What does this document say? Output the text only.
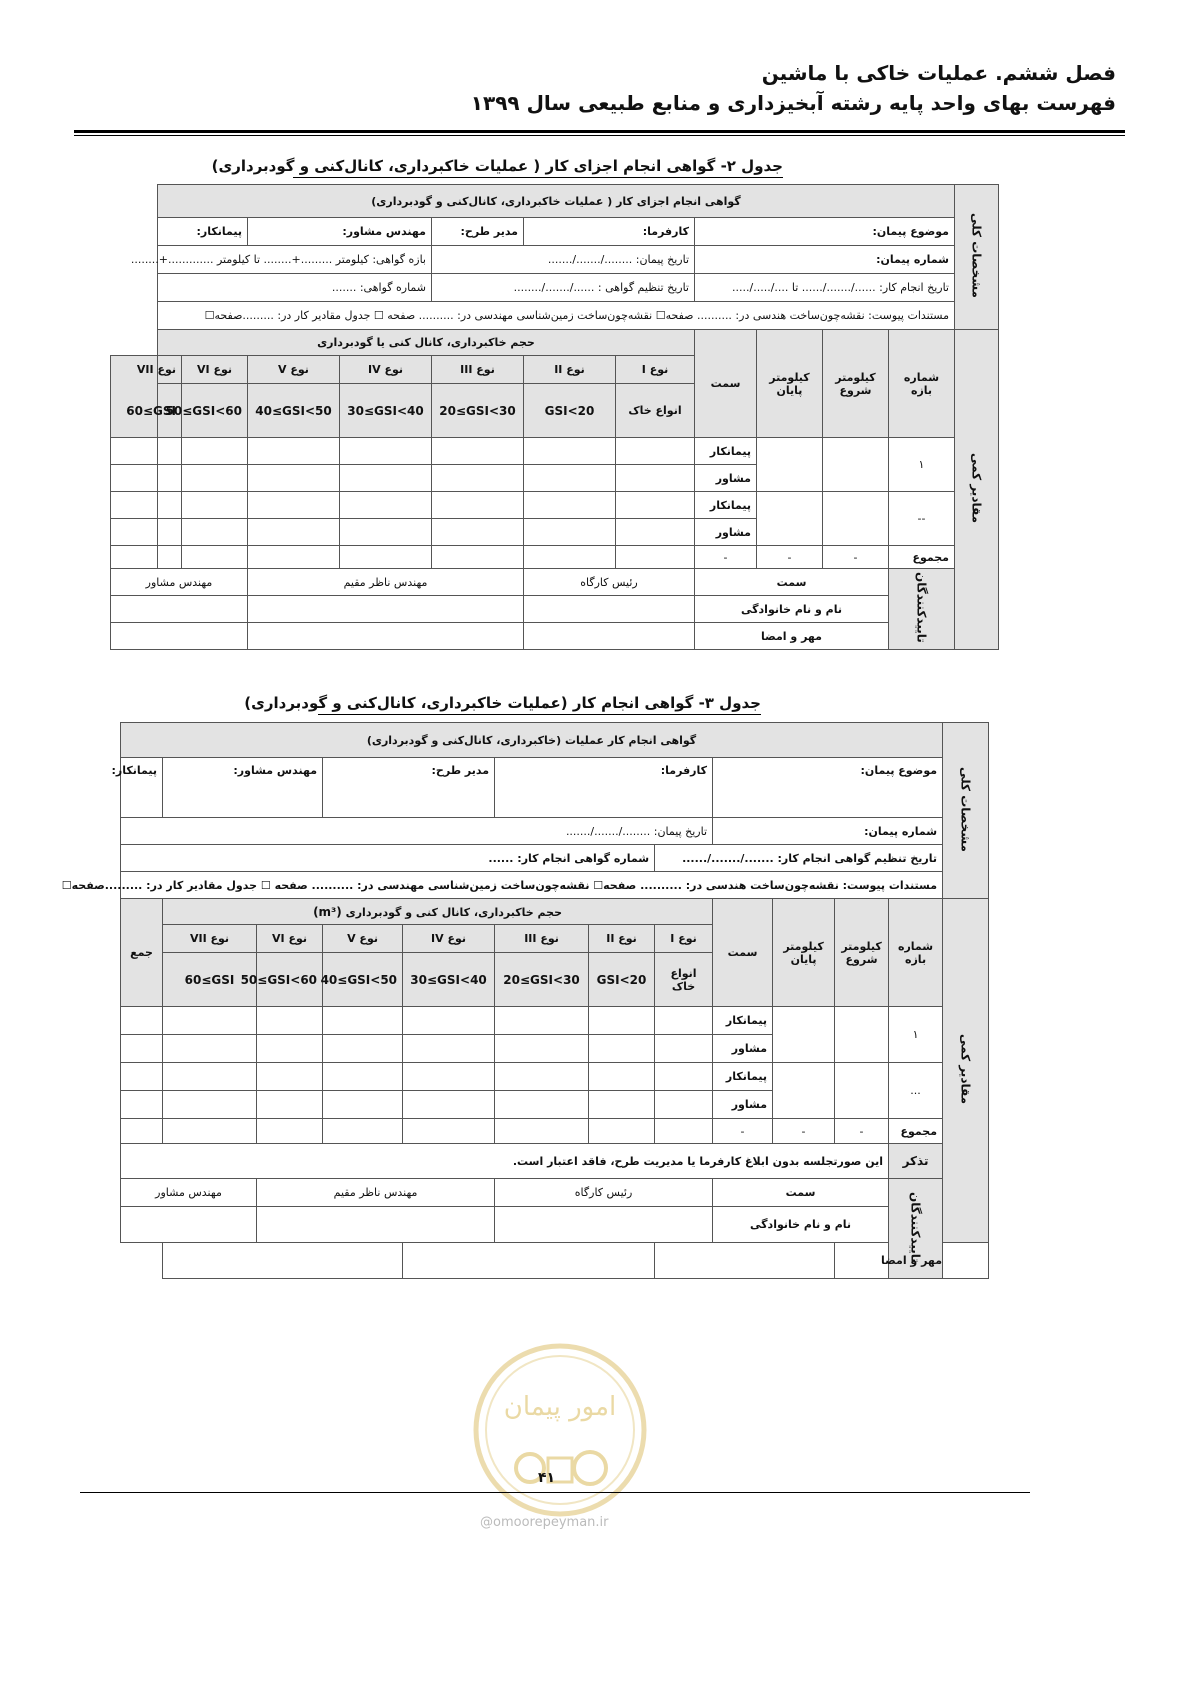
فصل ششم. عملیات خاکی با ماشین
فهرست بهای واحد پایه رشته آبخیزداری و منابع طبیعی سال ۱۳۹۹
جدول ۲- گواهی انجام اجزای کار ( عملیات خاکبرداری، کانال‌کنی و گودبرداری)
مشخصات کلی	گواهی انجام اجزای کار ( عملیات خاکبرداری، کانال‌کنی و گودبرداری)											
	موضوع پیمان:				کارفرما:		مدیر طرح:	مهندس مشاور:		پیمانکار:		
	شماره پیمان:				تاریخ پیمان: ......../......./.......			بازه گواهی: کیلومتر .........+........ تا کیلومتر .............+........				
	تاریخ انجام کار: ....../......./...... تا ..../...../.....				تاریخ تنظیم گواهی : ....../......./........			شماره گواهی: .......				
	مستندات پیوست: نقشه‌چون‌ساخت هندسی در: .......... صفحه☐ نقشه‌چون‌ساخت زمین‌شناسی مهندسی در: .......... صفحه ☐ جدول مقادیر کار در: .........صفحه☐											
مقادیر کمی	شماره بازه	کیلومتر شروع	کیلومتر پایان	سمت	حجم خاکبرداری، کانال کنی یا گودبرداری							
					نوع I	نوع II	نوع III	نوع IV	نوع V	نوع VI	نوع VII	
					انواع خاک	GSI<20	20≤GSI<30	30≤GSI<40	40≤GSI<50	50≤GSI<60	60≤GSI	
	۱			پیمانکار								
				مشاور								
	--			پیمانکار								
				مشاور								
	مجموع	-	-	-								
	تاییدکنندگان	سمت			رئیس کارگاه		مهندس ناظر مقیم			مهندس مشاور		
		نام و نام خانوادگی										
		مهر و امضا										
جدول ۳- گواهی انجام کار (عملیات خاکبرداری، کانال‌کنی و گودبرداری)
مشخصات کلی	گواهی انجام کار عملیات (خاکبرداری، کانال‌کنی و گودبرداری)											
	موضوع پیمان:				کارفرما:			مدیر طرح:		مهندس مشاور:		پیمانکار:
	شماره پیمان:				تاریخ پیمان: ......../......./.......							
	تاریخ تنظیم گواهی انجام کار: ......./......./......					شماره گواهی انجام کار: ......						
	مستندات پیوست: نقشه‌چون‌ساخت هندسی در: .......... صفحه☐ نقشه‌چون‌ساخت زمین‌شناسی مهندسی در: .......... صفحه ☐ جدول مقادیر کار در: .........صفحه☐											
مقادیر کمی	شماره بازه	کیلومتر شروع	کیلومتر پایان	سمت	حجم خاکبرداری، کانال کنی و گودبرداری (m³)							جمع
					نوع I	نوع II	نوع III	نوع IV	نوع V	نوع VI	نوع VII	
					انواع خاک	GSI<20	20≤GSI<30	30≤GSI<40	40≤GSI<50	50≤GSI<60	60≤GSI	
	۱			پیمانکار								
				مشاور								
	...			پیمانکار								
				مشاور								
	مجموع	-	-	-								
	تذکر	این صورتجلسه بدون ابلاغ کارفرما یا مدیریت طرح، فاقد اعتبار است.										
	تاییدکنندگان	سمت			رئیس کارگاه			مهندس ناظر مقیم			مهندس مشاور	
		نام و نام خانوادگی										
مهر و امضا												
امور پیمان
۴۱
@omoorepeyman.ir
